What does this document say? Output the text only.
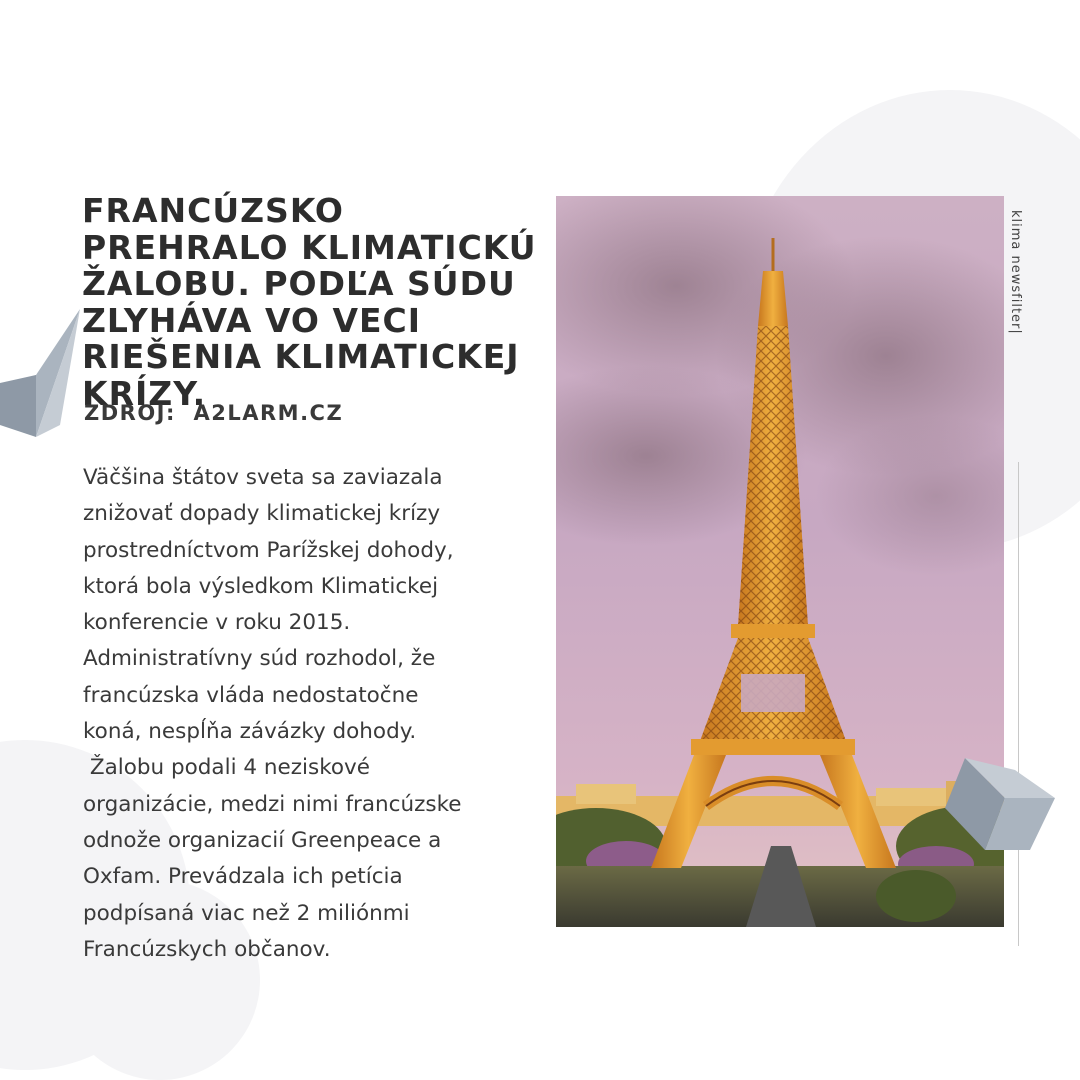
FRANCÚZSKO PREHRALO KLIMATICKÚ ŽALOBU. PODĽA SÚDU ZLYHÁVA VO VECI RIEŠENIA KLIMATICKEJ KRÍZY.

ZDROJ:  A2LARM.CZ

Väčšina štátov sveta sa zaviazala
znižovať dopady klimatickej krízy
prostredníctvom Parížskej dohody,
ktorá bola výsledkom Klimatickej
konferencie v roku 2015.
Administratívny súd rozhodol, že
francúzska vláda nedostatočne
koná, nespĺňa závázky dohody.
Žalobu podali 4 neziskové
organizácie, medzi nimi francúzske
odnože organizacií Greenpeace a
Oxfam. Prevádzala ich petícia
podpísaná viac než 2 miliónmi
Francúzskych občanov.
klima newsfilter|
